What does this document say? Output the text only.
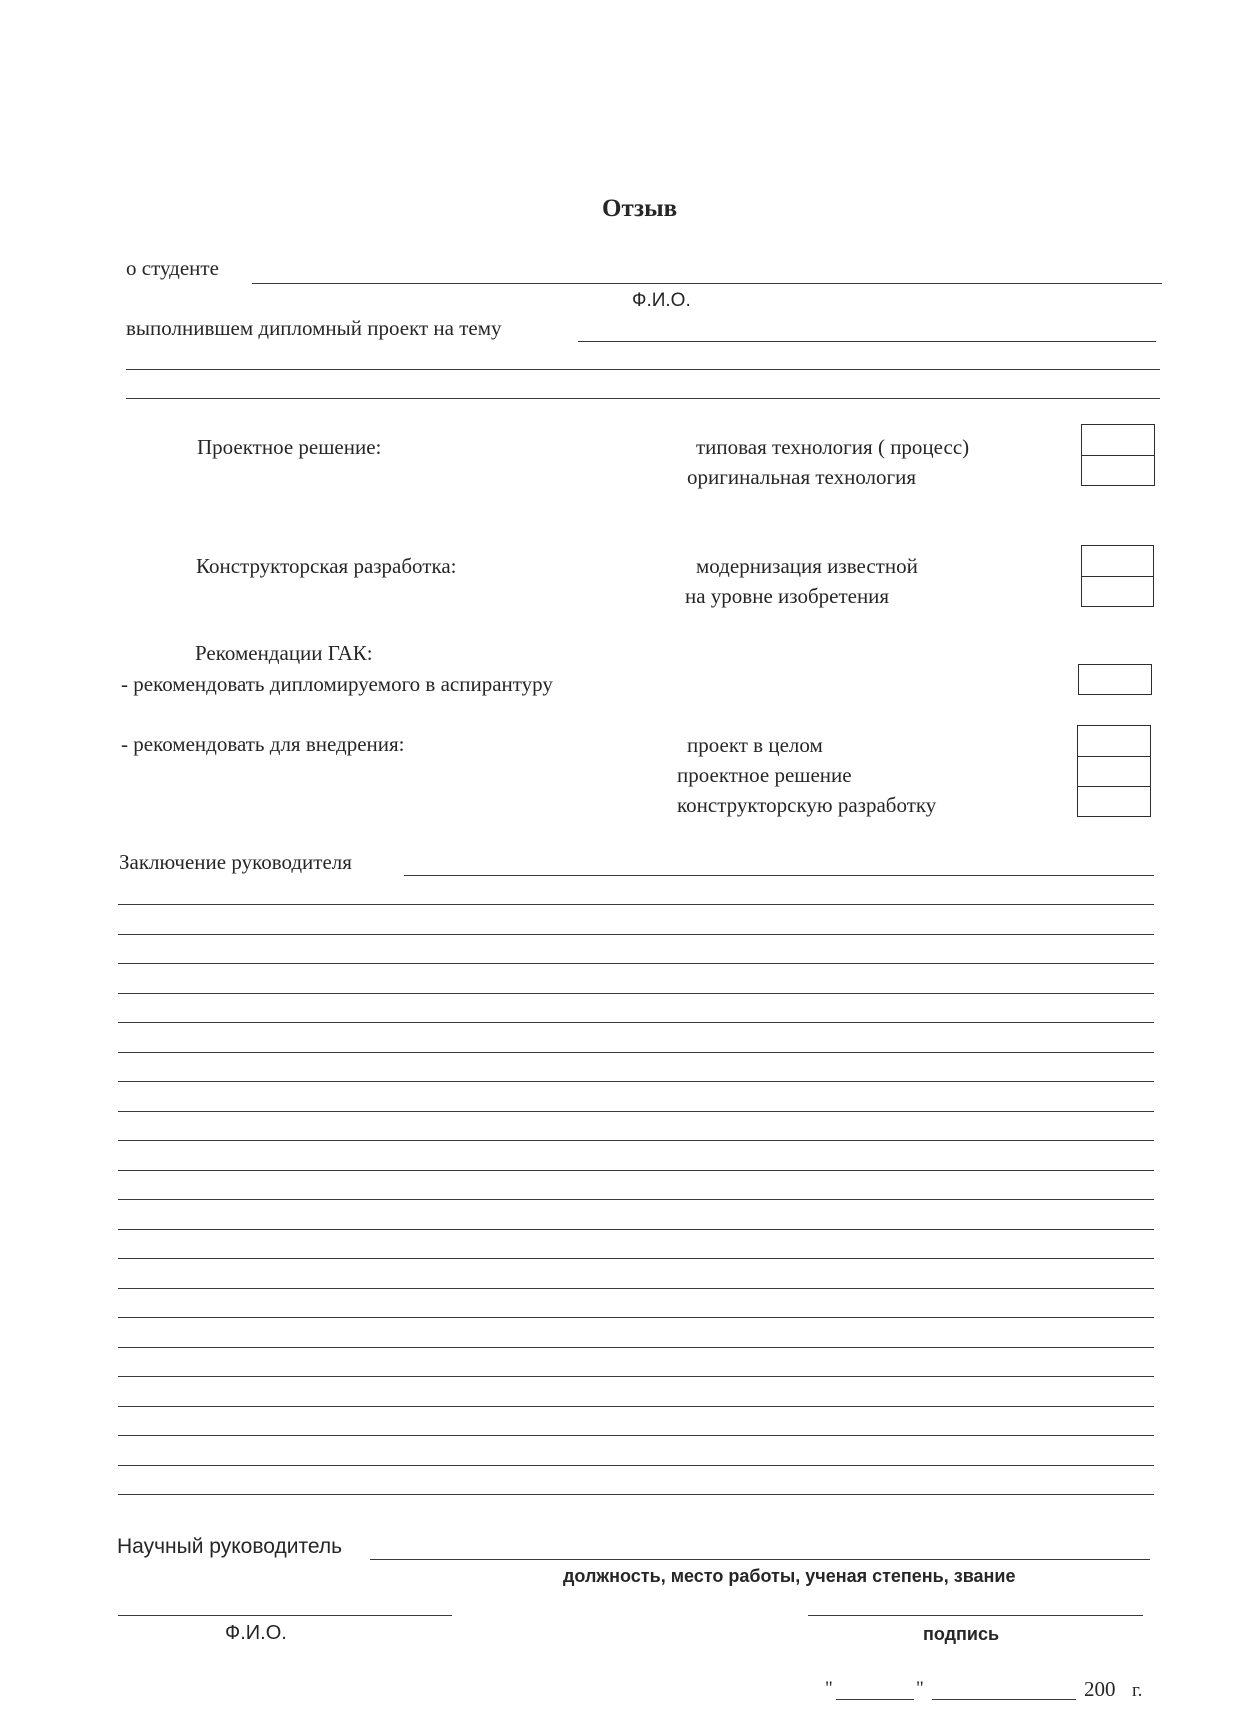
Отзыв
о студенте
Ф.И.О.
выполнившем дипломный проект на тему
Проектное решение:	типовая технология ( процесс)
оригинальная технология
Конструкторская разработка:	модернизация известной
на уровне изобретения
Рекомендации ГАК:
- рекомендовать дипломируемого в аспирантуру
- рекомендовать для внедрения:	проект в целом
проектное решение
конструкторскую разработку
Заключение руководителя
Научный руководитель
должность, место работы, ученая степень, звание
Ф.И.О.	подпись
"	"	200 г.
